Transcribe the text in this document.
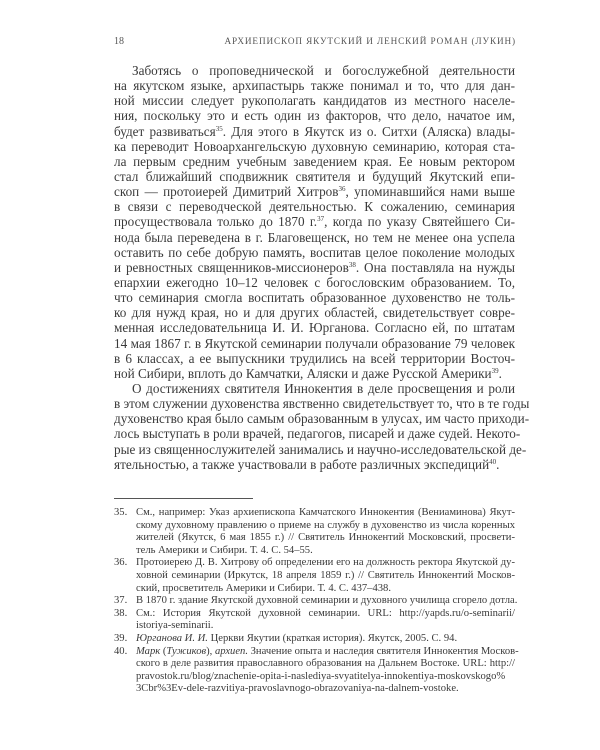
18	АРХИЕПИСКОП ЯКУТСКИЙ И ЛЕНСКИЙ РОМАН (ЛУКИН)
Заботясь о проповеднической и богослужебной деятельности
на якутском языке, архипастырь также понимал и то, что для дан-
ной миссии следует рукополагать кандидатов из местного населе-
ния, поскольку это и есть один из факторов, что дело, начатое им,
будет развиваться$^{35}$. Для этого в Якутск из о. Ситхи (Аляска) влады-
ка переводит Новоархангельскую духовную семинарию, которая ста-
ла первым средним учебным заведением края. Ее новым ректором
стал ближайший сподвижник святителя и будущий Якутский епи-
скоп — протоиерей Димитрий Хитров$^{36}$, упоминавшийся нами выше
в связи с переводческой деятельностью. К сожалению, семинария
просуществовала только до 1870 г.$^{37}$, когда по указу Святейшего Си-
нода была переведена в г. Благовещенск, но тем не менее она успела
оставить по себе добрую память, воспитав целое поколение молодых
и ревностных священников-миссионеров$^{38}$. Она поставляла на нужды
епархии ежегодно 10–12 человек с богословским образованием. То,
что семинария смогла воспитать образованное духовенство не толь-
ко для нужд края, но и для других областей, свидетельствует совре-
менная исследовательница И. И. Юрганова. Согласно ей, по штатам
14 мая 1867 г. в Якутской семинарии получали образование 79 человек
в 6 классах, а ее выпускники трудились на всей территории Восточ-
ной Сибири, вплоть до Камчатки, Аляски и даже Русской Америки$^{39}$.
О достижениях святителя Иннокентия в деле просвещения и роли
в этом служении духовенства явственно свидетельствует то, что в те годы
духовенство края было самым образованным в улусах, им часто приходи-
лось выступать в роли врачей, педагогов, писарей и даже судей. Некото-
рые из священнослужителей занимались и научно-исследовательской де-
ятельностью, а также участвовали в работе различных экспедиций$^{40}$.
35. См., например: Указ архиепископа Камчатского Иннокентия (Вениаминова) Якут-
скому духовному правлению о приеме на службу в духовенство из числа коренных
жителей (Якутск, 6 мая 1855 г.) // Святитель Иннокентий Московский, просвети-
тель Америки и Сибири. Т. 4. С. 54–55.
36. Протоиерею Д. В. Хитрову об определении его на должность ректора Якутской ду-
ховной семинарии (Иркутск, 18 апреля 1859 г.) // Святитель Иннокентий Москов-
ский, просветитель Америки и Сибири. Т. 4. С. 437–438.
37. В 1870 г. здание Якутской духовной семинарии и духовного училища сгорело дотла.
38. См.: История Якутской духовной семинарии. URL: http://yapds.ru/o-seminarii/
istoriya-seminarii.
39. Юрганова И. И. Церкви Якутии (краткая история). Якутск, 2005. С. 94.
40. Марк (Тужиков), архиеп. Значение опыта и наследия святителя Иннокентия Москов-
ского в деле развития православного образования на Дальнем Востоке. URL: http://
pravostok.ru/blog/znachenie-opita-i-naslediya-svyatitelya-innokentiya-moskovskogo%
3Cbr%3Ev-dele-razvitiya-pravoslavnogo-obrazovaniya-na-dalnem-vostoke.
